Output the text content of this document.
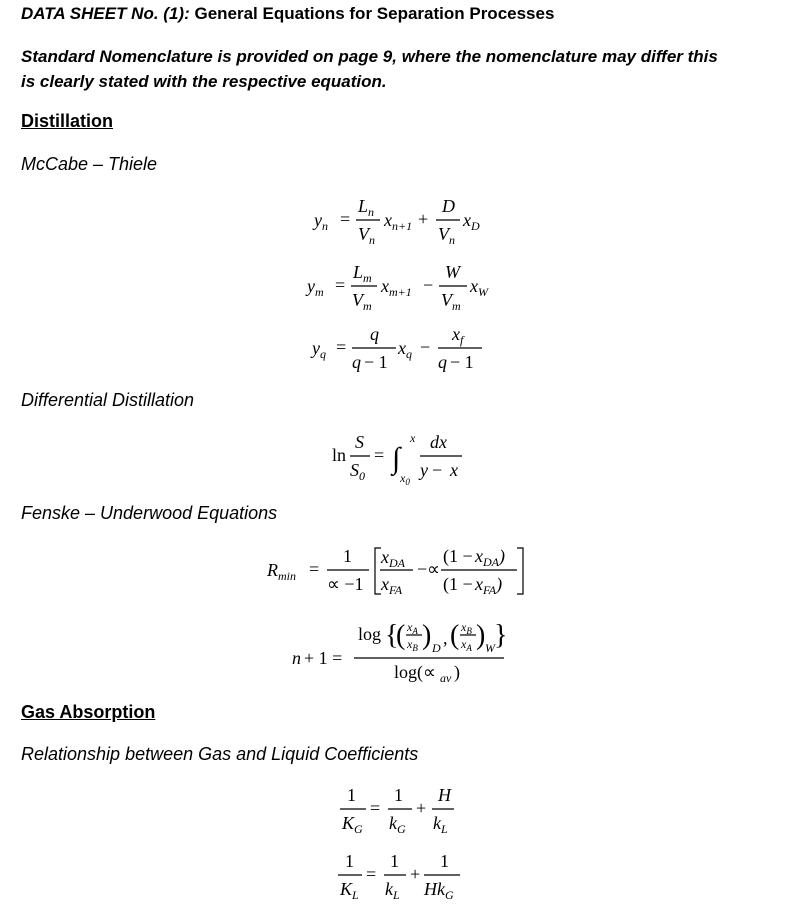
DATA SHEET No. (1): General Equations for Separation Processes
Standard Nomenclature is provided on page 9, where the nomenclature may differ this
is clearly stated with the respective equation.
Distillation
McCabe – Thiele
$y_n$ =
$L_n$
$V_n$
$x_{n+1}$ +
D
$V_n$
$x_D$
$y_m$ =
$L_m$
$V_m$
$x_{m+1}$ −
W
$V_m$
$x_W$
$y_q$ =
q
q − 1
$x_q$ −
$x_f$
q − 1
Differential Distillation
ln
S
$S_0$
= ∫
x
$x_0$
dx
y − x
Fenske – Underwood Equations
$R_{min}$ =
1
∝ −1
$x_{DA}$
$x_{FA}$
−∝
$(1 - x_{DA})$
$(1 - x_{FA})$
log {
( $x_A$
$x_B$ ) D , ( $x_B$
$x_A$ ) W }
n + 1 =
log(∝ av )
Gas Absorption
Relationship between Gas and Liquid Coefficients
1
$K_G$
=
1
$k_G$
+
H
$k_L$
1
$K_L$
=
1
$k_L$
+
1
$Hk_G$
